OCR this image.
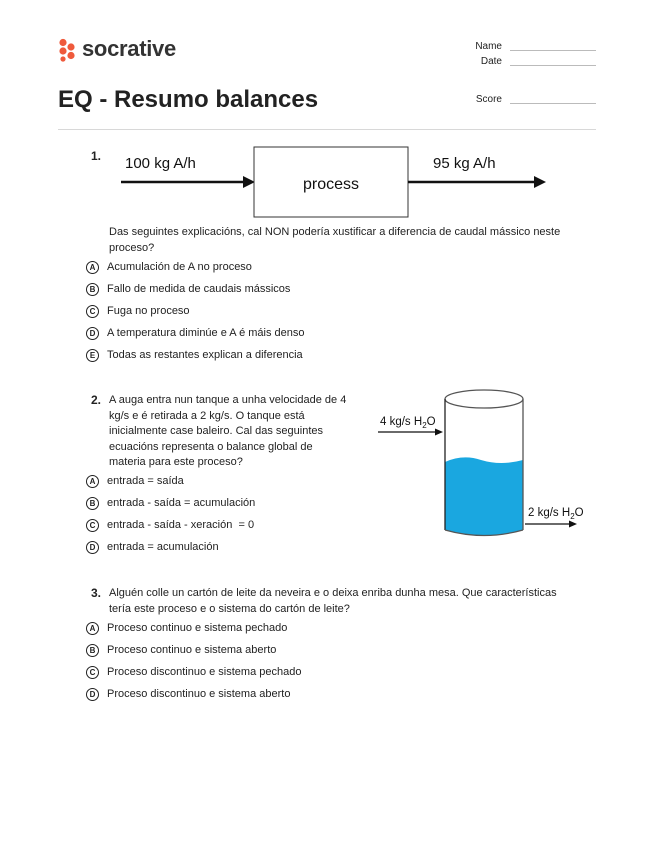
socrative
EQ - Resumo balances
Name
Date
Score
1. 100 kg A/h
process
95 kg A/h
Das seguintes explicacións, cal NON podería xustificar a diferencia de caudal mássico neste
proceso?
A	Acumulación de A no proceso
B	Fallo de medida de caudais mássicos
C	Fuga no proceso
D	A temperatura diminúe e A é máis denso
E	Todas as restantes explican a diferencia
2. A auga entra nun tanque a unha velocidade de 4
kg/s e é retirada a 2 kg/s. O tanque está
inicialmente case baleiro. Cal das seguintes
ecuacións representa o balance global de
materia para este proceso?
4 kg/s $H_2O$
2 kg/s $H_2O$
A	entrada = saída
B	entrada - saída = acumulación
C	entrada - saída - xeración  = 0
D	entrada = acumulación
3. Alguén colle un cartón de leite da neveira e o deixa enriba dunha mesa. Que características
tería este proceso e o sistema do cartón de leite?
A	Proceso continuo e sistema pechado
B	Proceso continuo e sistema aberto
C	Proceso discontinuo e sistema pechado
D	Proceso discontinuo e sistema aberto
